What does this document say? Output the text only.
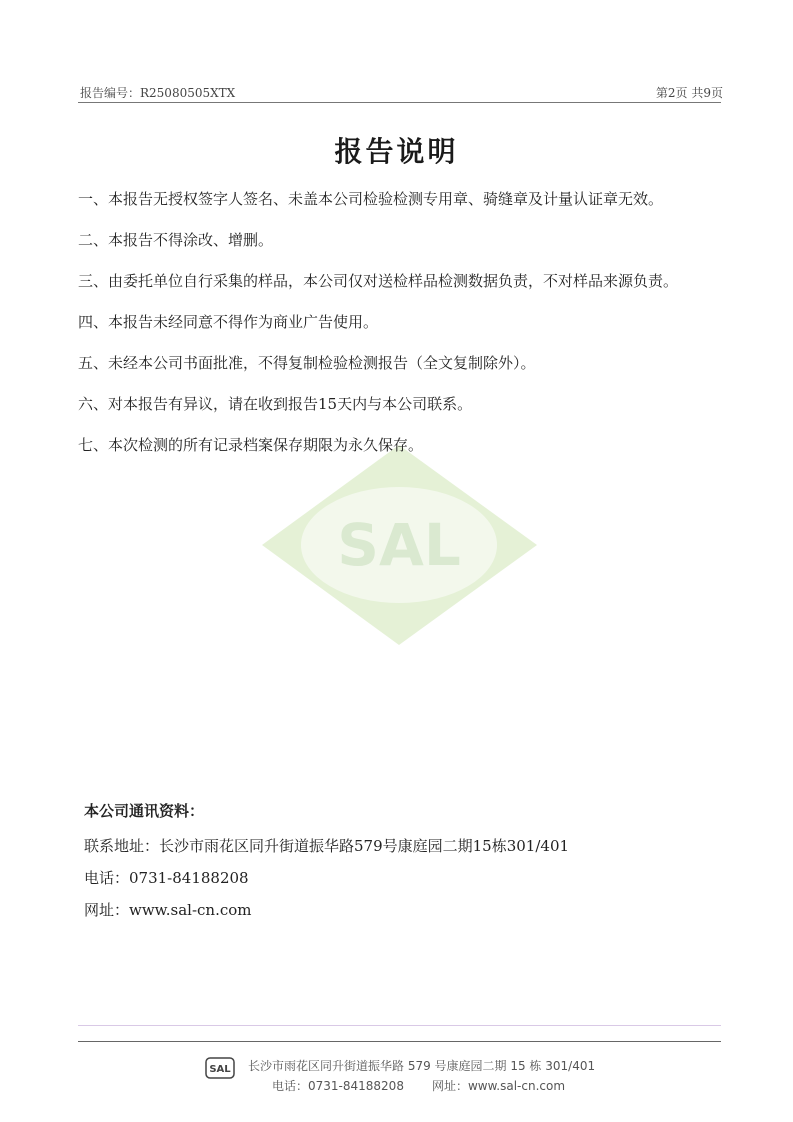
报告编号：R25080505XTX	第2页 共9页
SAL
报告说明
一、本报告无授权签字人签名、未盖本公司检验检测专用章、骑缝章及计量认证章无效。
二、本报告不得涂改、增删。
三、由委托单位自行采集的样品，本公司仅对送检样品检测数据负责，不对样品来源负责。
四、本报告未经同意不得作为商业广告使用。
五、未经本公司书面批准，不得复制检验检测报告（全文复制除外）。
六、对本报告有异议，请在收到报告15天内与本公司联系。
七、本次检测的所有记录档案保存期限为永久保存。
本公司通讯资料：
联系地址：长沙市雨花区同升街道振华路579号康庭园二期15栋301/401
电话：0731-84188208
网址：www.sal-cn.com
SAL 长沙市雨花区同升街道振华路 579 号康庭园二期 15 栋 301/401
电话：0731-84188208 网址：www.sal-cn.com
